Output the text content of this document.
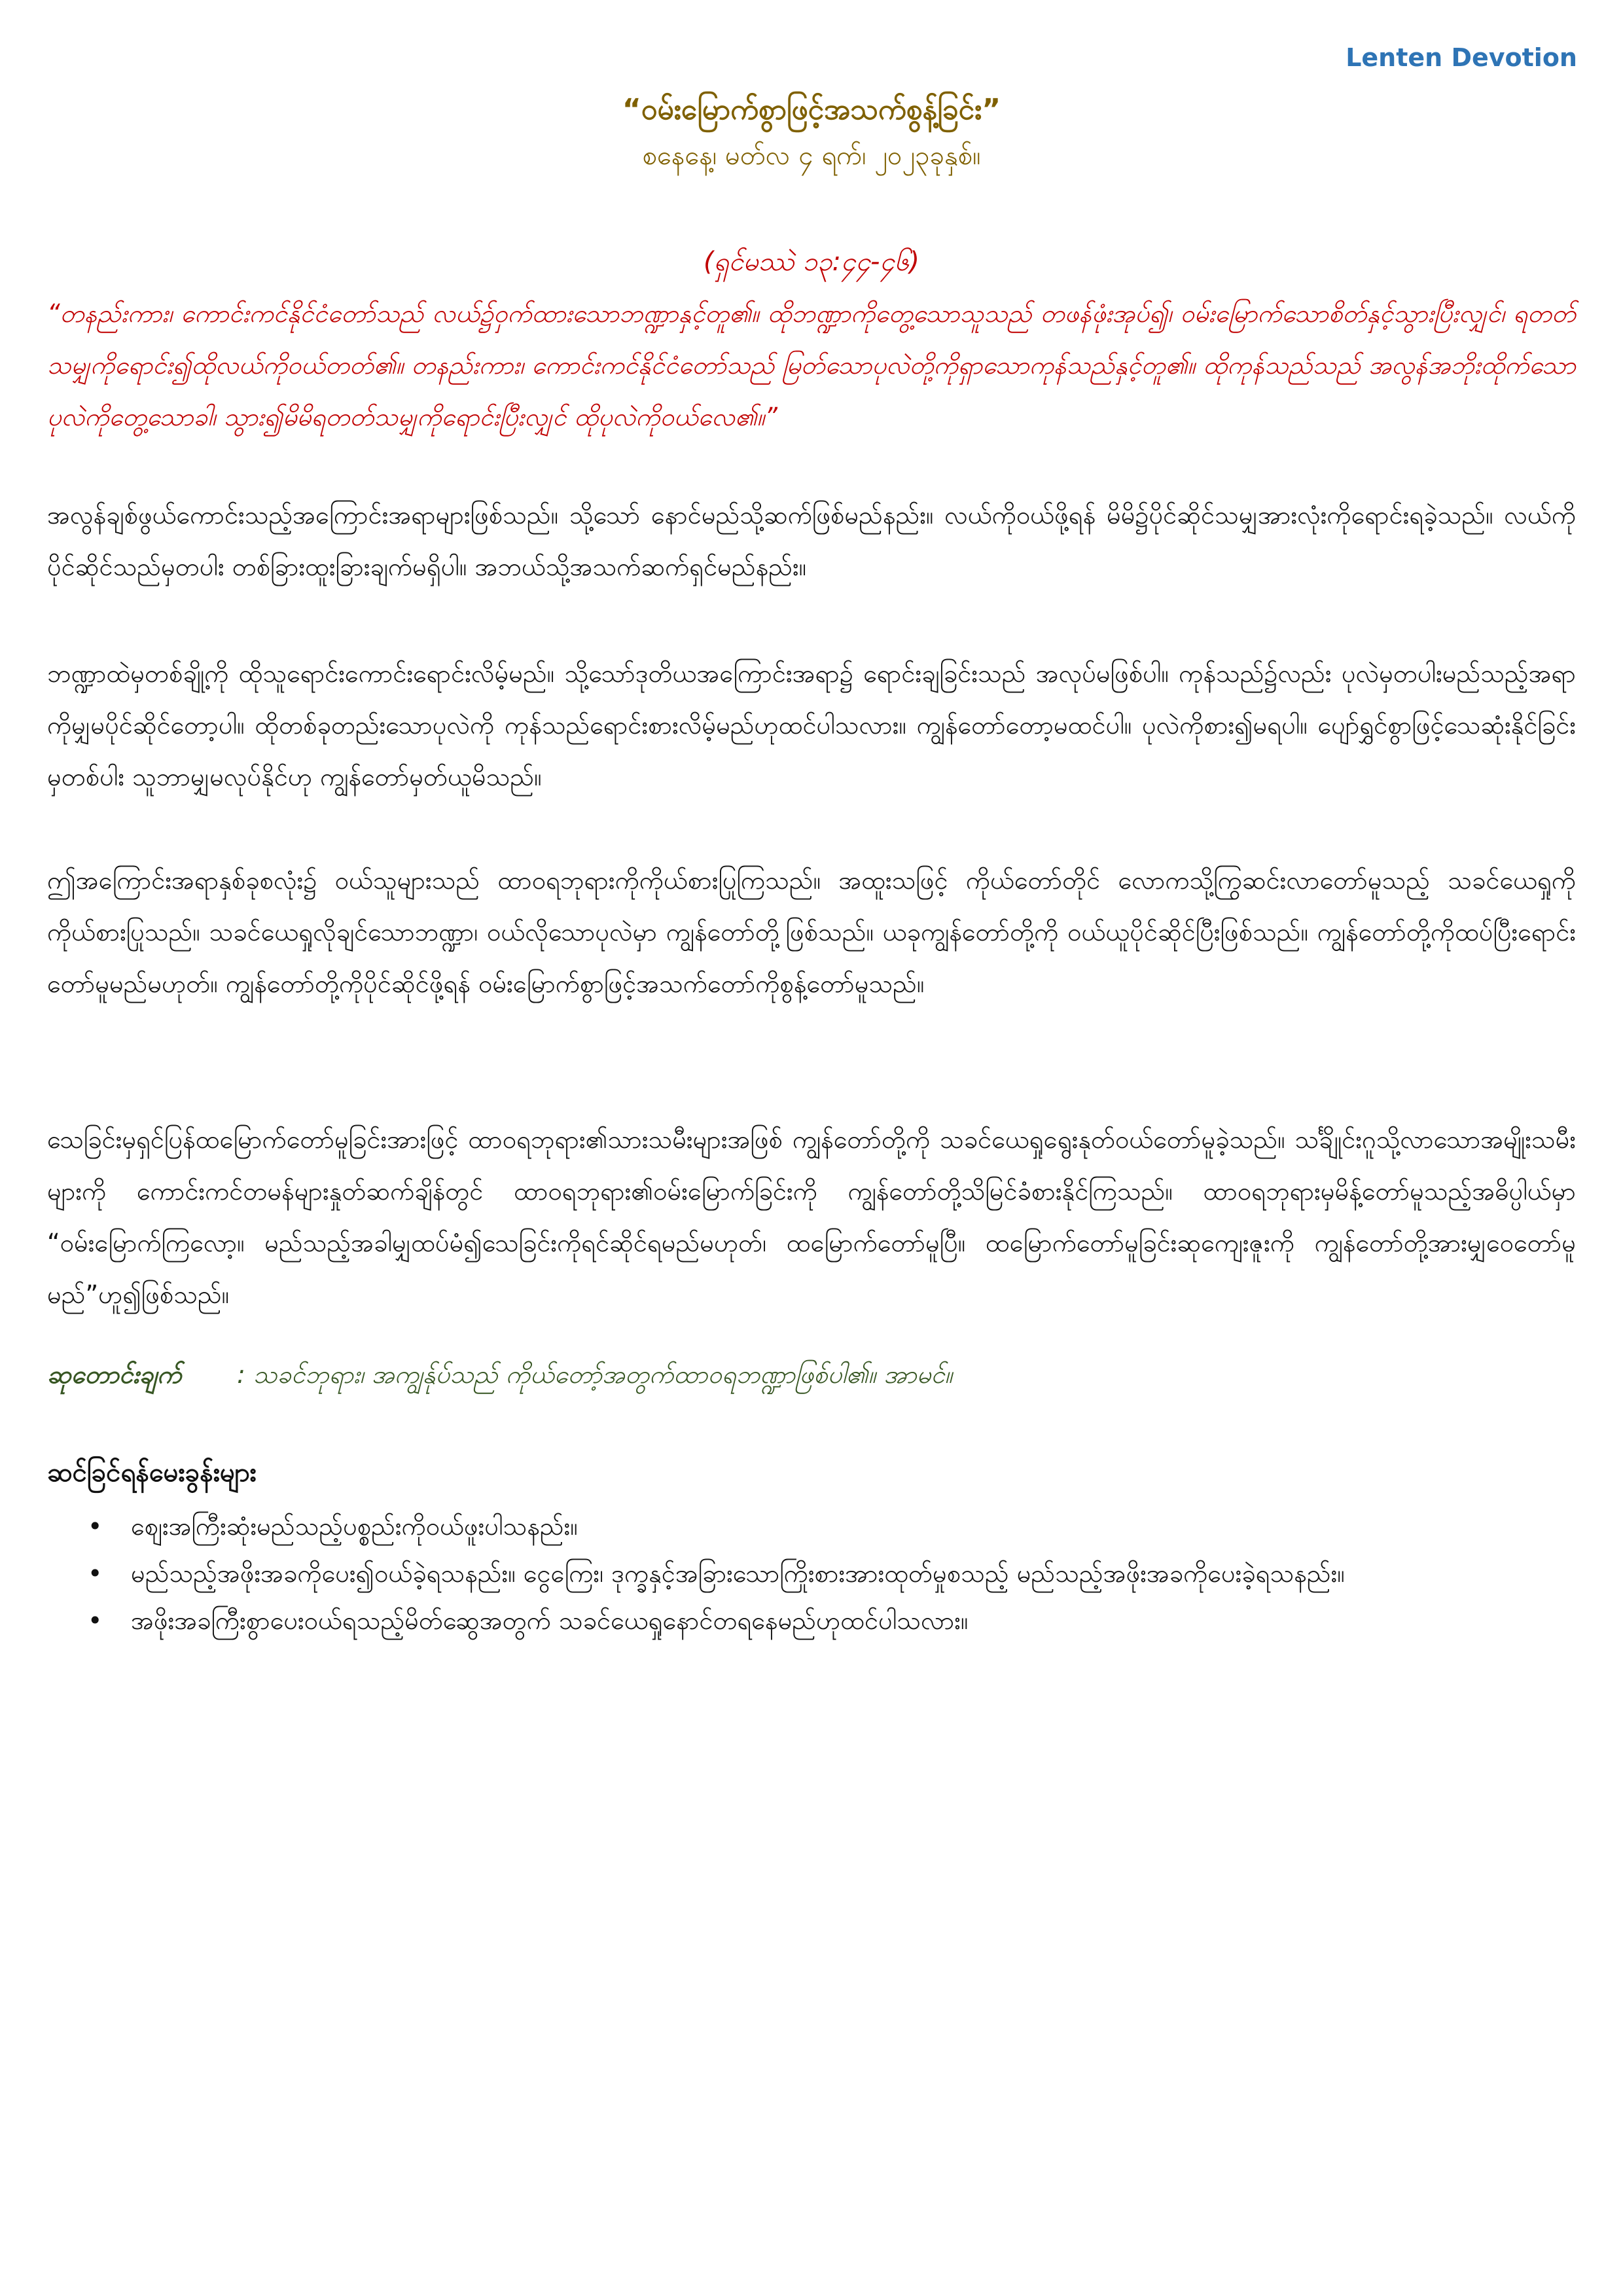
Lenten Devotion
“ဝမ်းမြောက်စွာဖြင့်အသက်စွန့်ခြင်း”
စနေနေ့၊ မတ်လ ၄ ရက်၊ ၂၀၂၃ခုနှစ်။
(ရှင်မဿဲ ၁၃:၄၄-၄၆)
“တနည်းကား၊ ကောင်းကင်နိုင်ငံတော်သည် လယ်၌ဝှက်ထားသောဘဏ္ဍာနှင့်တူ၏။ ထိုဘဏ္ဍာကိုတွေ့သောသူသည် တဖန်ဖုံးအုပ်၍၊ ဝမ်းမြောက်သောစိတ်နှင့်သွားပြီးလျှင်၊ ရတတ်သမျှကိုရောင်း၍ထိုလယ်ကိုဝယ်တတ်၏။ တနည်းကား၊ ကောင်းကင်နိုင်ငံတော်သည် မြတ်သောပုလဲတို့ကိုရှာသောကုန်သည်နှင့်တူ၏။ ထိုကုန်သည်သည် အလွန်အဘိုးထိုက်သောပုလဲကိုတွေ့သောခါ၊ သွား၍မိမိရတတ်သမျှကိုရောင်းပြီးလျှင် ထိုပုလဲကိုဝယ်လေ၏။”
အလွန်ချစ်ဖွယ်ကောင်းသည့်အကြောင်းအရာများဖြစ်သည်။ သို့သော် နောင်မည်သို့ဆက်ဖြစ်မည်နည်း။ လယ်ကိုဝယ်ဖို့ရန် မိမိ၌ပိုင်ဆိုင်သမျှအားလုံးကိုရောင်းရခဲ့သည်။ လယ်ကိုပိုင်ဆိုင်သည်မှတပါး တစ်ခြားထူးခြားချက်မရှိပါ။ အဘယ်သို့အသက်ဆက်ရှင်မည်နည်း။
ဘဏ္ဍာထဲမှတစ်ချို့ကို ထိုသူရောင်းကောင်းရောင်းလိမ့်မည်။ သို့သော်ဒုတိယအကြောင်းအရာ၌ ရောင်းချခြင်းသည် အလုပ်မဖြစ်ပါ။ ကုန်သည်၌လည်း ပုလဲမှတပါးမည်သည့်အရာကိုမျှမပိုင်ဆိုင်တော့ပါ။ ထိုတစ်ခုတည်းသောပုလဲကို ကုန်သည်ရောင်းစားလိမ့်မည်ဟုထင်ပါသလား။ ကျွန်တော်တော့မထင်ပါ။ ပုလဲကိုစား၍မရပါ။ ပျော်ရွှင်စွာဖြင့်သေဆုံးနိုင်ခြင်းမှတစ်ပါး သူဘာမျှမလုပ်နိုင်ဟု ကျွန်တော်မှတ်ယူမိသည်။
ဤအကြောင်းအရာနှစ်ခုစလုံး၌ ဝယ်သူများသည် ထာဝရဘုရားကိုကိုယ်စားပြုကြသည်။ အထူးသဖြင့် ကိုယ်တော်တိုင် လောကသို့ကြွဆင်းလာတော်မူသည့် သခင်ယေရှုကိုကိုယ်စားပြုသည်။ သခင်ယေရှုလိုချင်သောဘဏ္ဍာ၊ ဝယ်လိုသောပုလဲမှာ ကျွန်တော်တို့ဖြစ်သည်။ ယခုကျွန်တော်တို့ကို ဝယ်ယူပိုင်ဆိုင်ပြီးဖြစ်သည်။ ကျွန်တော်တို့ကိုထပ်ပြီးရောင်းတော်မူမည်မဟုတ်။ ကျွန်တော်တို့ကိုပိုင်ဆိုင်ဖို့ရန် ဝမ်းမြောက်စွာဖြင့်အသက်တော်ကိုစွန့်တော်မူသည်။
သေခြင်းမှရှင်ပြန်ထမြောက်တော်မူခြင်းအားဖြင့် ထာဝရဘုရား၏သားသမီးများအဖြစ် ကျွန်တော်တို့ကို သခင်ယေရှုရွေးနုတ်ဝယ်တော်မူခဲ့သည်။ သင်္ချိုင်းဂူသို့လာသောအမျိုးသမီးများကို ကောင်းကင်တမန်များနှုတ်ဆက်ချိန်တွင် ထာဝရဘုရား၏ဝမ်းမြောက်ခြင်းကို ကျွန်တော်တို့သိမြင်ခံစားနိုင်ကြသည်။ ထာဝရဘုရားမှမိန့်တော်မူသည့်အဓိပ္ပါယ်မှာ “ဝမ်းမြောက်ကြလော့။ မည်သည့်အခါမျှထပ်မံ၍သေခြင်းကိုရင်ဆိုင်ရမည်မဟုတ်၊ ထမြောက်တော်မူပြီ။ ထမြောက်တော်မူခြင်းဆုကျေးဇူးကို ကျွန်တော်တို့အားမျှဝေတော်မူမည်”ဟူ၍ဖြစ်သည်။
ဆုတောင်းချက် : သခင်ဘုရား၊ အကျွန်ုပ်သည် ကိုယ်တော့်အတွက်ထာဝရဘဏ္ဍာဖြစ်ပါ၏။ အာမင်။
ဆင်ခြင်ရန်မေးခွန်းများ
• စျေးအကြီးဆုံးမည်သည့်ပစ္စည်းကိုဝယ်ဖူးပါသနည်း။
• မည်သည့်အဖိုးအခကိုပေး၍ဝယ်ခဲ့ရသနည်း။ ငွေကြေး၊ ဒုက္ခနှင့်အခြားသောကြိုးစားအားထုတ်မှုစသည့် မည်သည့်အဖိုးအခကိုပေးခဲ့ရသနည်း။
• အဖိုးအခကြီးစွာပေးဝယ်ရသည့်မိတ်ဆွေအတွက် သခင်ယေရှုနောင်တရနေမည်ဟုထင်ပါသလား။
